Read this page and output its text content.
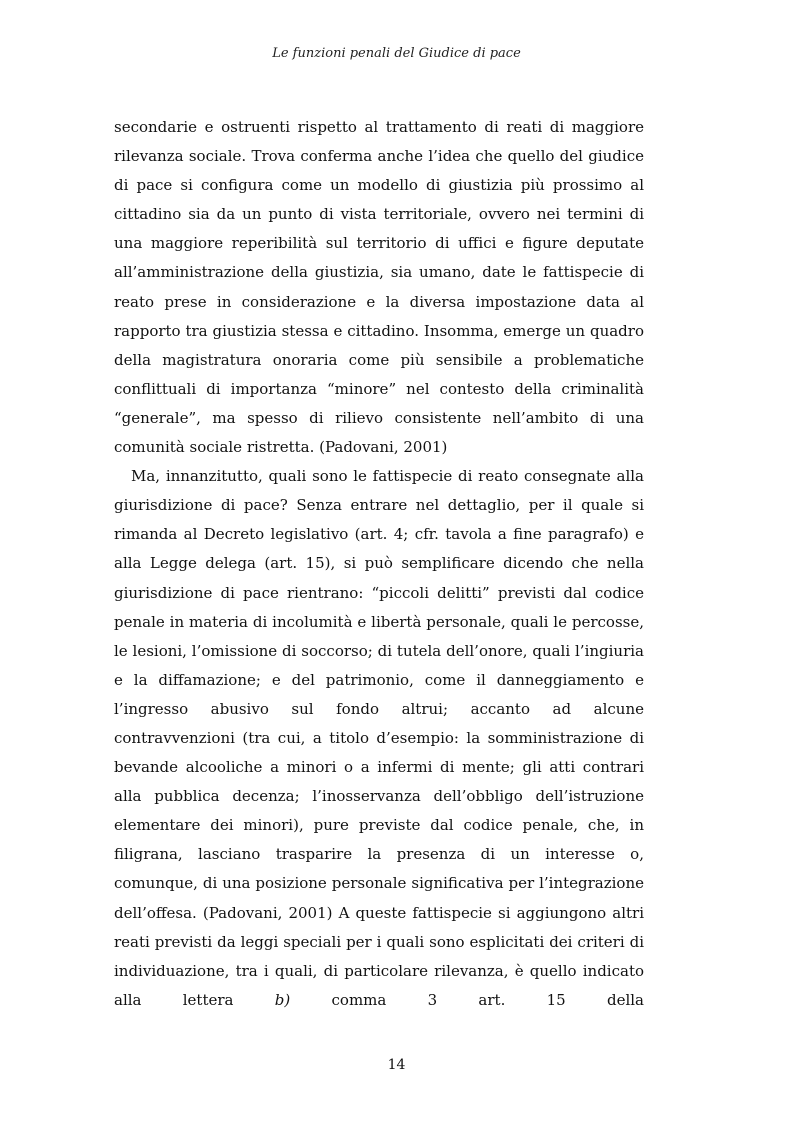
Le funzioni penali del Giudice di pace

secondarie e ostruenti rispetto al trattamento di reati di maggiore rilevanza sociale. Trova conferma anche l’idea che quello del giudice di pace si configura come un modello di giustizia più prossimo al cittadino sia da un punto di vista territoriale, ovvero nei termini di una maggiore reperibilità sul territorio di uffici e figure deputate all’amministrazione della giustizia, sia umano, date le fattispecie di reato prese in considerazione e la diversa impostazione data al rapporto tra giustizia stessa e cittadino. Insomma, emerge un quadro della magistratura onoraria come più sensibile a problematiche conflittuali di importanza “minore” nel contesto della criminalità “generale”, ma spesso di rilievo consistente nell’ambito di una comunità sociale ristretta. (Padovani, 2001)

Ma, innanzitutto, quali sono le fattispecie di reato consegnate alla giurisdizione di pace? Senza entrare nel dettaglio, per il quale si rimanda al Decreto legislativo (art. 4; cfr. tavola a fine paragrafo) e alla Legge delega (art. 15), si può semplificare dicendo che nella giurisdizione di pace rientrano: “piccoli delitti” previsti dal codice penale in materia di incolumità e libertà personale, quali le percosse, le lesioni, l’omissione di soccorso; di tutela dell’onore, quali l’ingiuria e la diffamazione; e del patrimonio, come il danneggiamento e l’ingresso abusivo sul fondo altrui; accanto ad alcune contravvenzioni (tra cui, a titolo d’esempio: la somministrazione di bevande alcooliche a minori o a infermi di mente; gli atti contrari alla pubblica decenza; l’inosservanza dell’obbligo dell’istruzione elementare dei minori), pure previste dal codice penale, che, in filigrana, lasciano trasparire la presenza di un interesse o, comunque, di una posizione personale significativa per l’integrazione dell’offesa. (Padovani, 2001) A queste fattispecie si aggiungono altri reati previsti da leggi speciali per i quali sono esplicitati dei criteri di individuazione, tra i quali, di particolare rilevanza, è quello indicato alla lettera	b) comma 3 art. 15 della

14
